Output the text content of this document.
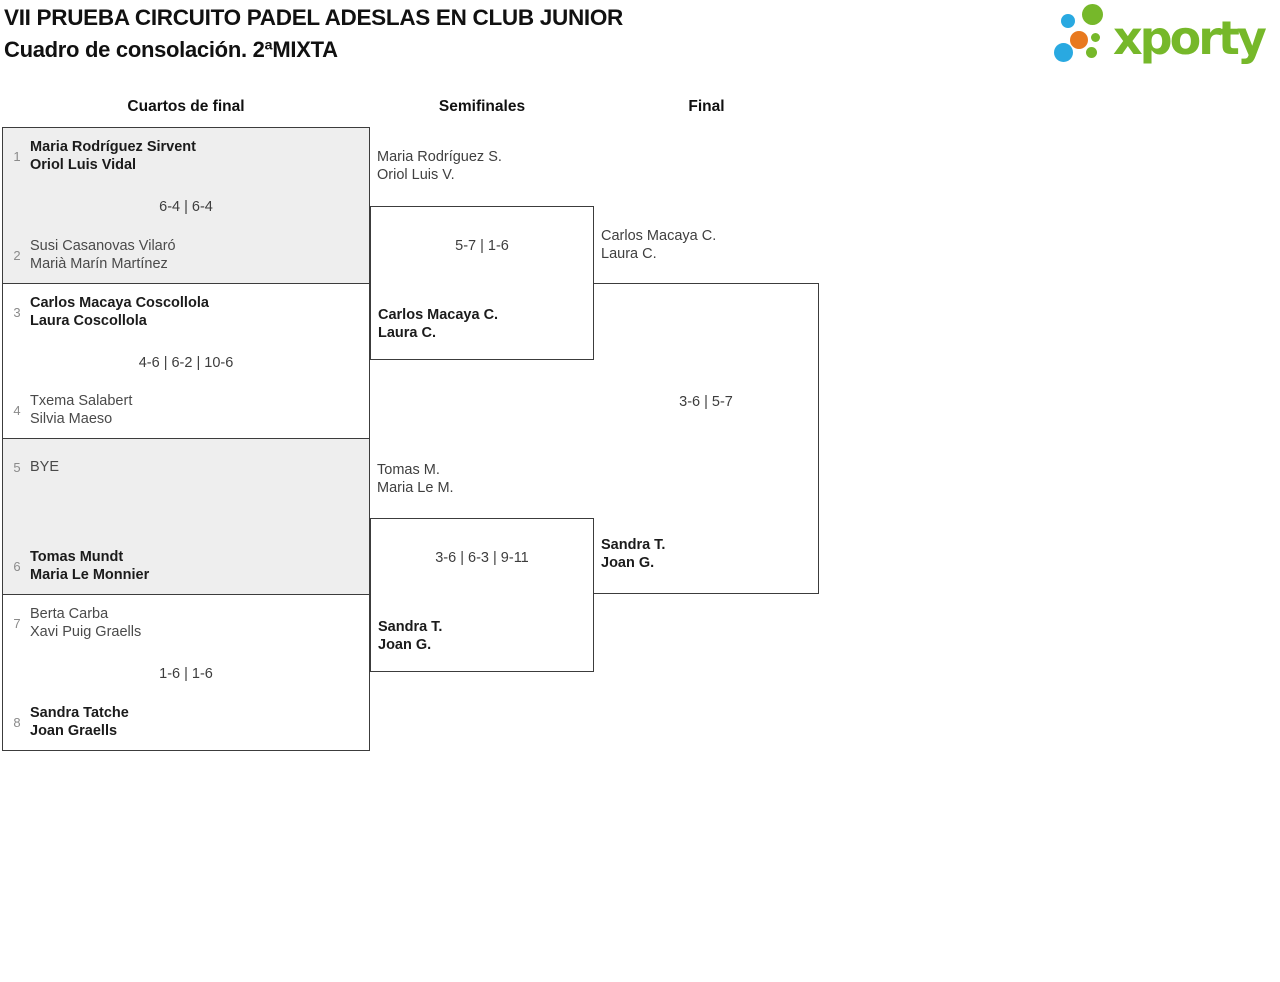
VII PRUEBA CIRCUITO PADEL ADESLAS EN CLUB JUNIOR
Cuadro de consolación. 2ªMIXTA	xporty
Cuartos de final	Semifinales	Final
1
Maria Rodríguez Sirvent
Oriol Luis Vidal
6-4 | 6-4
2
Susi Casanovas Vilaró
Marià Marín Martínez
3
Carlos Macaya Coscollola
Laura Coscollola
4-6 | 6-2 | 10-6
4
Txema Salabert
Silvia Maeso
5 BYE
6
Tomas Mundt
Maria Le Monnier
7
Berta Carba
Xavi Puig Graells
1-6 | 1-6
8
Sandra Tatche
Joan Graells
Maria Rodríguez S.
Oriol Luis V.
5-7 | 1-6
Carlos Macaya C.
Laura C.
Tomas M.
Maria Le M.
3-6 | 6-3 | 9-11
Sandra T.
Joan G.
Carlos Macaya C.
Laura C.
3-6 | 5-7
Sandra T.
Joan G.
